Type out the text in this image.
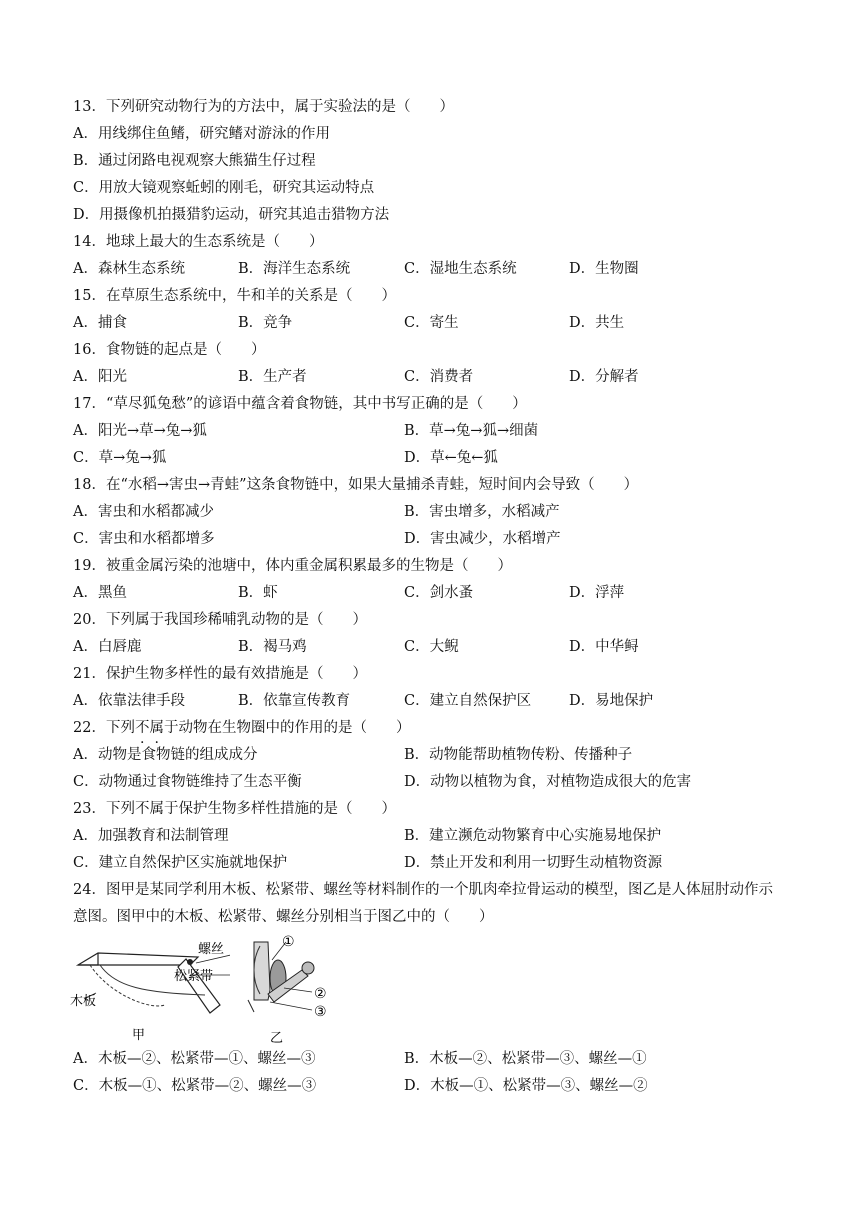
13．下列研究动物行为的方法中，属于实验法的是（　　）
A．用线绑住鱼鳍，研究鳍对游泳的作用
B．通过闭路电视观察大熊猫生仔过程
C．用放大镜观察蚯蚓的刚毛，研究其运动特点
D．用摄像机拍摄猎豹运动，研究其追击猎物方法
14．地球上最大的生态系统是（　　）
A．森林生态系统	B．海洋生态系统	C．湿地生态系统	D．生物圈
15．在草原生态系统中，牛和羊的关系是（　　）
A．捕食	B．竞争	C．寄生	D．共生
16．食物链的起点是（　　）
A．阳光	B．生产者	C．消费者	D．分解者
17．“草尽狐兔愁”的谚语中蕴含着食物链，其中书写正确的是（　　）
A．阳光→草→兔→狐	B．草→兔→狐→细菌
C．草→兔→狐	D．草←兔←狐
18．在“水稻→害虫→青蛙”这条食物链中，如果大量捕杀青蛙，短时间内会导致（　　）
A．害虫和水稻都减少	B．害虫增多，水稻减产
C．害虫和水稻都增多	D．害虫减少，水稻增产
19．被重金属污染的池塘中，体内重金属积累最多的生物是（　　）
A．黑鱼	B．虾	C．剑水蚤	D．浮萍
20．下列属于我国珍稀哺乳动物的是（　　）
A．白唇鹿	B．褐马鸡	C．大鲵	D．中华鲟
21．保护生物多样性的最有效措施是（　　）
A．依靠法律手段	B．依靠宣传教育	C．建立自然保护区	D．易地保护
22．下列不属于动物在生物圈中的作用的是（　　）
A．动物是食物链的组成成分	B．动物能帮助植物传粉、传播种子
C．动物通过食物链维持了生态平衡	D．动物以植物为食，对植物造成很大的危害
23．下列不属于保护生物多样性措施的是（　　）
A．加强教育和法制管理	B．建立濒危动物繁育中心实施易地保护
C．建立自然保护区实施就地保护	D．禁止开发和利用一切野生动植物资源
24．图甲是某同学利用木板、松紧带、螺丝等材料制作的一个肌肉牵拉骨运动的模型，图乙是人体屈肘动作示
意图。图甲中的木板、松紧带、螺丝分别相当于图乙中的（　　）
螺丝
松紧带
木板
甲
①
②
③
乙
A．木板—②、松紧带—①、螺丝—③	B．木板—②、松紧带—③、螺丝—①
C．木板—①、松紧带—②、螺丝—③	D．木板—①、松紧带—③、螺丝—②
